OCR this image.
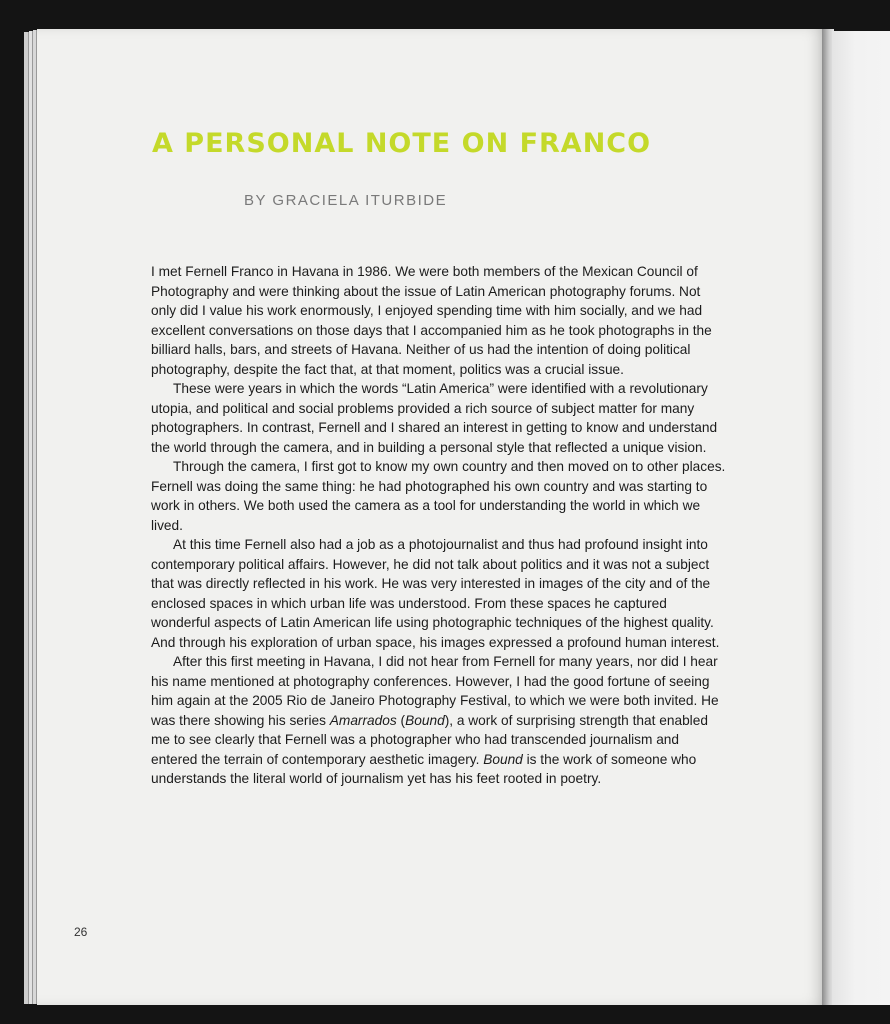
A PERSONAL NOTE ON FRANCO

BY GRACIELA ITURBIDE

I met Fernell Franco in Havana in 1986. We were both members of the Mexican Council of Photography and were thinking about the issue of Latin American photography forums. Not only did I value his work enormously, I enjoyed spending time with him socially, and we had excellent conversations on those days that I accompanied him as he took photographs in the billiard halls, bars, and streets of Havana. Neither of us had the intention of doing political photography, despite the fact that, at that moment, politics was a crucial issue.

These were years in which the words “Latin America” were identified with a revolutionary utopia, and political and social problems provided a rich source of subject matter for many photographers. In contrast, Fernell and I shared an interest in getting to know and understand the world through the camera, and in building a personal style that reflected a unique vision.

Through the camera, I first got to know my own country and then moved on to other places. Fernell was doing the same thing: he had photographed his own country and was starting to work in others. We both used the camera as a tool for understanding the world in which we lived.

At this time Fernell also had a job as a photojournalist and thus had profound insight into contemporary political affairs. However, he did not talk about politics and it was not a subject that was directly reflected in his work. He was very interested in images of the city and of the enclosed spaces in which urban life was understood. From these spaces he captured wonderful aspects of Latin American life using photographic techniques of the highest quality. And through his exploration of urban space, his images expressed a profound human interest.

After this first meeting in Havana, I did not hear from Fernell for many years, nor did I hear his name mentioned at photography conferences. However, I had the good fortune of seeing him again at the 2005 Rio de Janeiro Photography Festival, to which we were both invited. He was there showing his series Amarrados (Bound), a work of surprising strength that enabled me to see clearly that Fernell was a photographer who had transcended journalism and entered the terrain of contemporary aesthetic imagery. Bound is the work of someone who understands the literal world of journalism yet has his feet rooted in poetry.

26
